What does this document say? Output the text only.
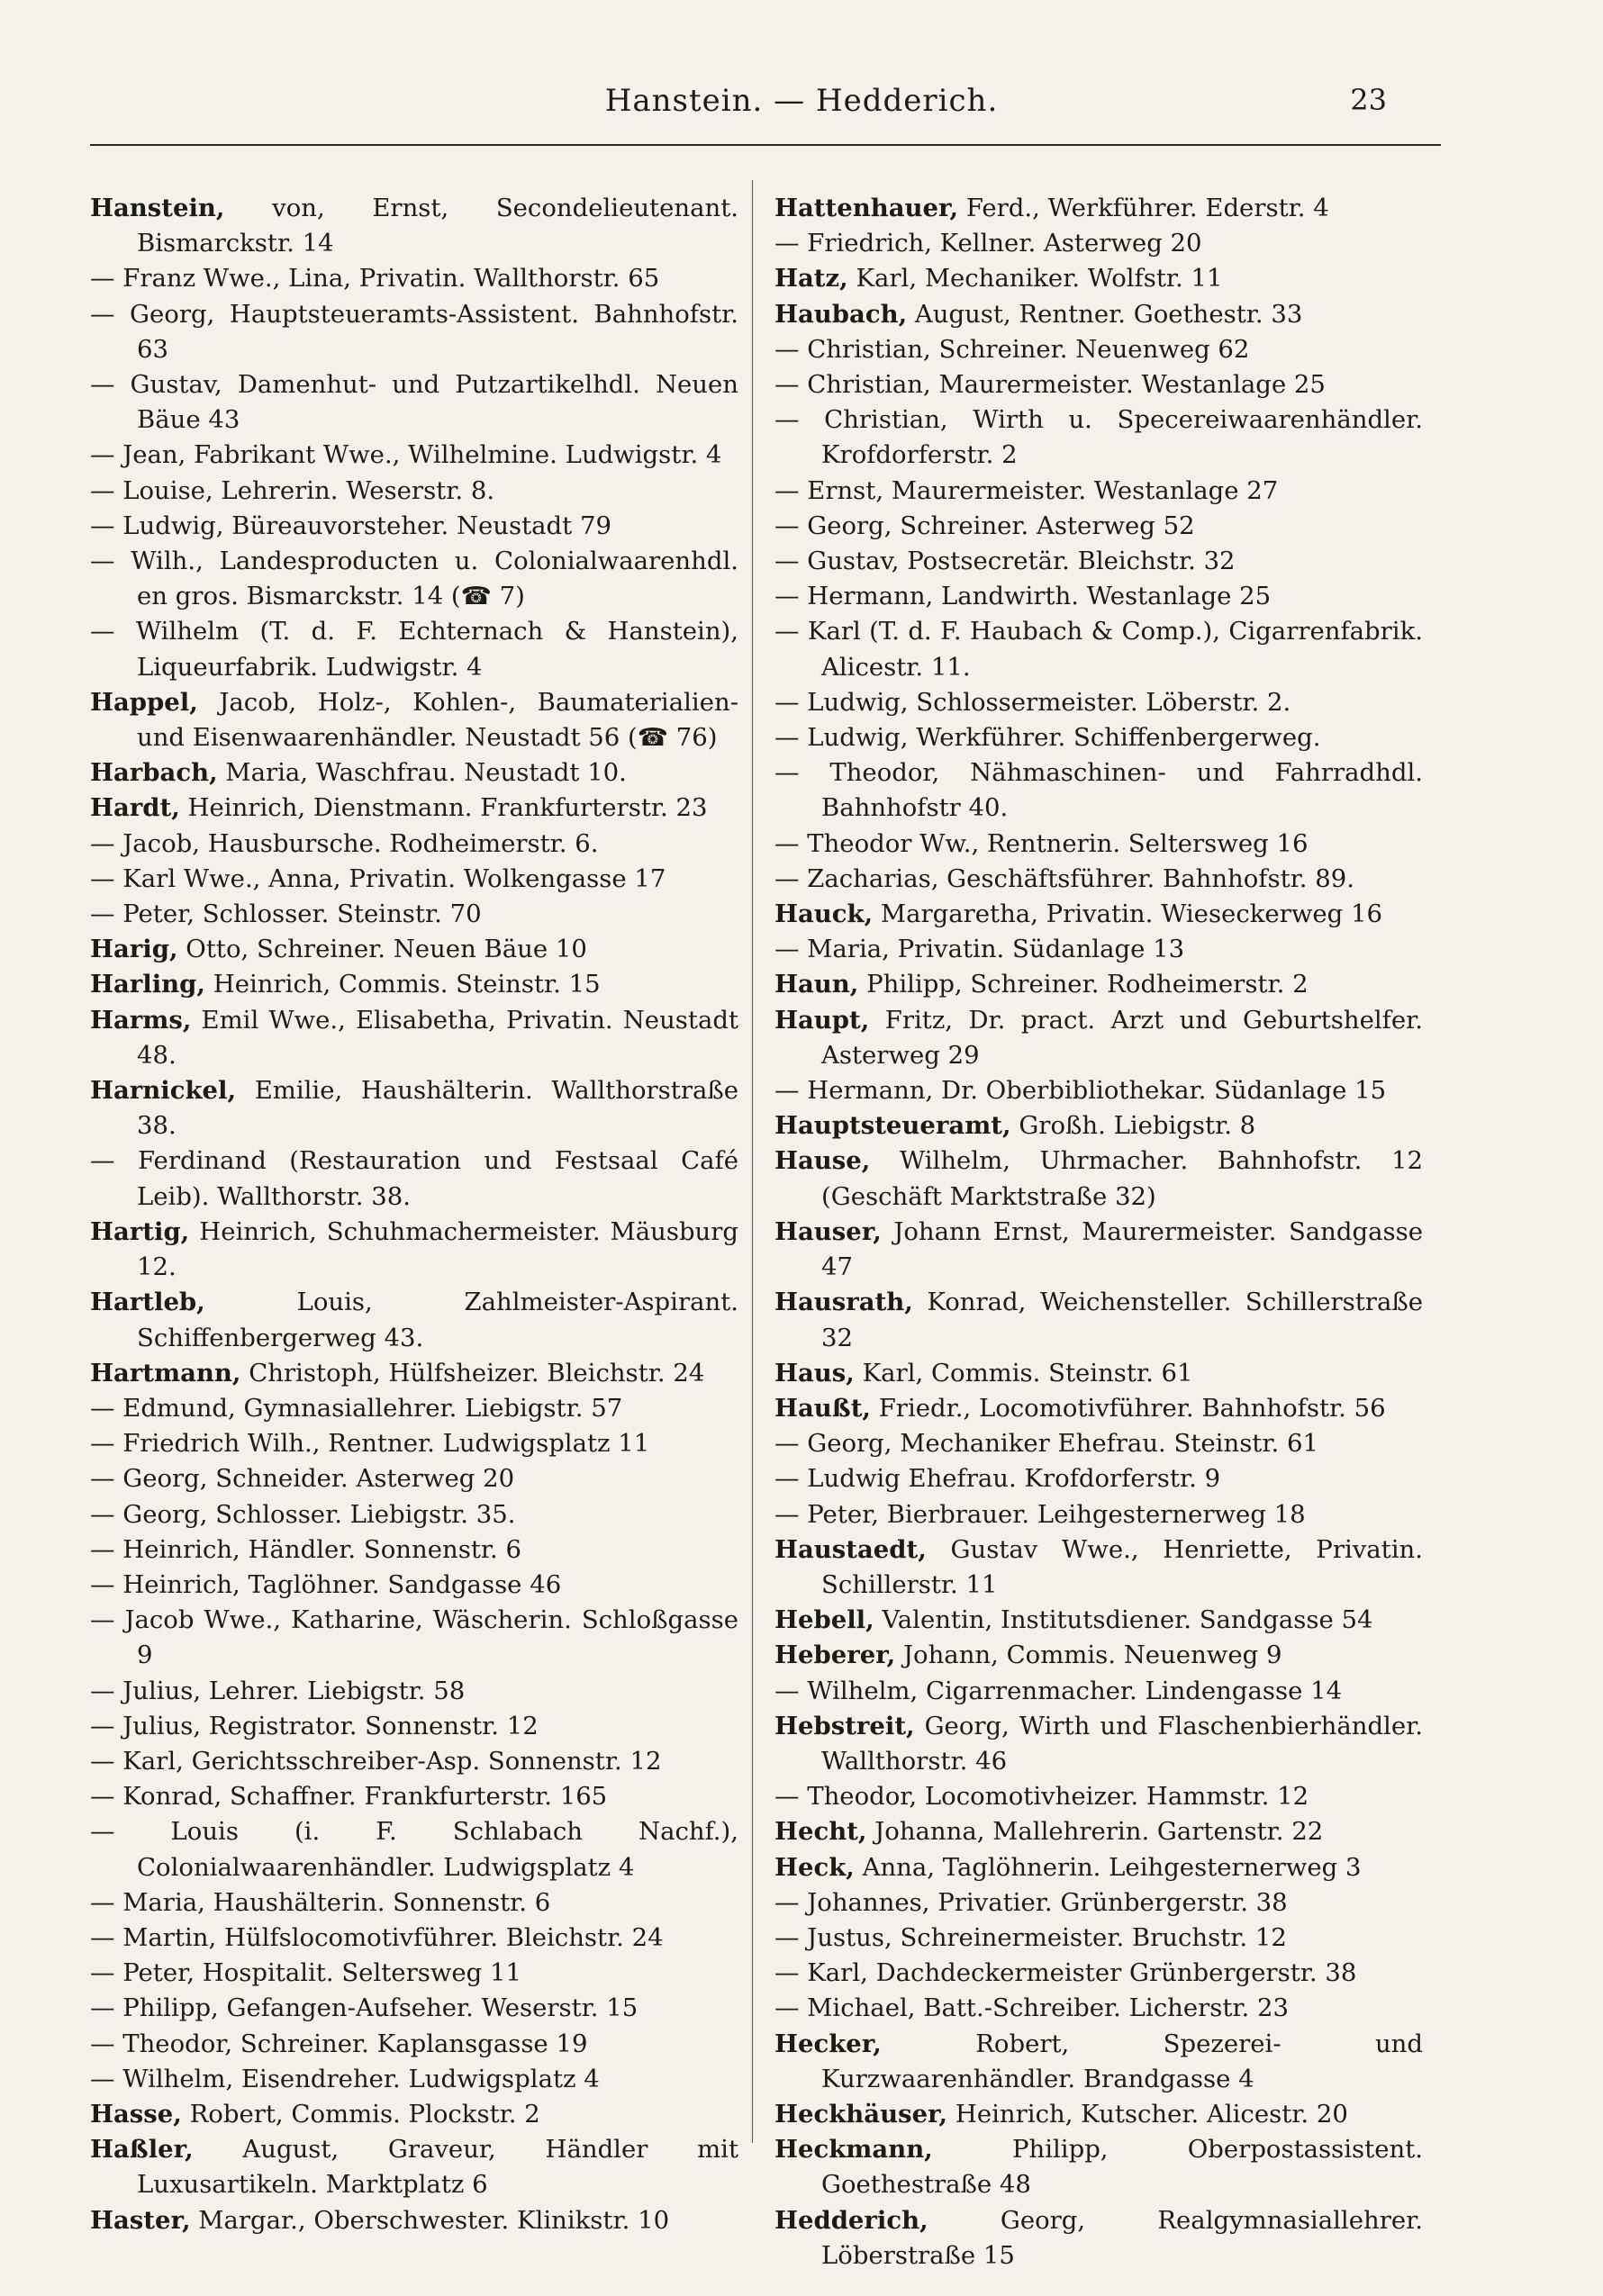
Hanstein. — Hedderich.	23
Hanstein, von, Ernst, Secondelieutenant. Bismarckstr. 14
— Franz Wwe., Lina, Privatin. Wallthorstr. 65
— Georg, Hauptsteueramts-Assistent. Bahnhofstr. 63
— Gustav, Damenhut- und Putzartikelhdl. Neuen Bäue 43
— Jean, Fabrikant Wwe., Wilhelmine. Ludwigstr. 4
— Louise, Lehrerin. Weserstr. 8.
— Ludwig, Büreauvorsteher. Neustadt 79
— Wilh., Landesproducten u. Colonialwaarenhdl. en gros. Bismarckstr. 14 (☎ 7)
— Wilhelm (T. d. F. Echternach & Hanstein), Liqueurfabrik. Ludwigstr. 4
Happel, Jacob, Holz-, Kohlen-, Baumaterialien- und Eisenwaarenhändler. Neustadt 56 (☎ 76)
Harbach, Maria, Waschfrau. Neustadt 10.
Hardt, Heinrich, Dienstmann. Frankfurterstr. 23
— Jacob, Hausbursche. Rodheimerstr. 6.
— Karl Wwe., Anna, Privatin. Wolkengasse 17
— Peter, Schlosser. Steinstr. 70
Harig, Otto, Schreiner. Neuen Bäue 10
Harling, Heinrich, Commis. Steinstr. 15
Harms, Emil Wwe., Elisabetha, Privatin. Neustadt 48.
Harnickel, Emilie, Haushälterin. Wallthorstraße 38.
— Ferdinand (Restauration und Festsaal Café Leib). Wallthorstr. 38.
Hartig, Heinrich, Schuhmachermeister. Mäusburg 12.
Hartleb,	Louis, Zahlmeister-Aspirant. Schiffenbergerweg 43.
Hartmann, Christoph, Hülfsheizer. Bleichstr. 24
— Edmund, Gymnasiallehrer. Liebigstr. 57
— Friedrich Wilh., Rentner. Ludwigsplatz 11
— Georg, Schneider. Asterweg 20
— Georg, Schlosser. Liebigstr. 35.
— Heinrich, Händler. Sonnenstr. 6
— Heinrich, Taglöhner. Sandgasse 46
— Jacob Wwe., Katharine, Wäscherin. Schloßgasse 9
— Julius, Lehrer. Liebigstr. 58
— Julius, Registrator. Sonnenstr. 12
— Karl, Gerichtsschreiber-Asp. Sonnenstr. 12
— Konrad, Schaffner. Frankfurterstr. 165
— Louis (i. F. Schlabach Nachf.), Colonialwaarenhändler. Ludwigsplatz 4
— Maria, Haushälterin. Sonnenstr. 6
— Martin, Hülfslocomotivführer. Bleichstr. 24
— Peter, Hospitalit. Seltersweg 11
— Philipp, Gefangen-Aufseher. Weserstr. 15
— Theodor, Schreiner. Kaplansgasse 19
— Wilhelm, Eisendreher. Ludwigsplatz 4
Hasse, Robert, Commis. Plockstr. 2
Haßler, August, Graveur, Händler mit Luxusartikeln. Marktplatz 6
Haster, Margar., Oberschwester. Klinikstr. 10
Hattenhauer, Ferd., Werkführer. Ederstr. 4
— Friedrich, Kellner. Asterweg 20
Hatz, Karl, Mechaniker. Wolfstr. 11
Haubach, August, Rentner. Goethestr. 33
— Christian, Schreiner. Neuenweg 62
— Christian, Maurermeister. Westanlage 25
— Christian, Wirth u. Specereiwaarenhändler. Krofdorferstr. 2
— Ernst, Maurermeister. Westanlage 27
— Georg, Schreiner. Asterweg 52
— Gustav, Postsecretär. Bleichstr. 32
— Hermann, Landwirth. Westanlage 25
— Karl (T. d. F. Haubach & Comp.), Cigarrenfabrik. Alicestr. 11.
— Ludwig, Schlossermeister. Löberstr. 2.
— Ludwig, Werkführer. Schiffenbergerweg.
— Theodor, Nähmaschinen- und Fahrradhdl. Bahnhofstr 40.
— Theodor Ww., Rentnerin. Seltersweg 16
— Zacharias, Geschäftsführer. Bahnhofstr. 89.
Hauck, Margaretha, Privatin. Wieseckerweg 16
— Maria, Privatin. Südanlage 13
Haun, Philipp, Schreiner. Rodheimerstr. 2
Haupt, Fritz, Dr. pract. Arzt und Geburtshelfer. Asterweg 29
— Hermann, Dr. Oberbibliothekar. Südanlage 15
Hauptsteueramt, Großh. Liebigstr. 8
Hause, Wilhelm, Uhrmacher. Bahnhofstr. 12 (Geschäft Marktstraße 32)
Hauser, Johann Ernst, Maurermeister. Sandgasse 47
Hausrath, Konrad, Weichensteller. Schillerstraße 32
Haus, Karl, Commis. Steinstr. 61
Haußt, Friedr., Locomotivführer. Bahnhofstr. 56
— Georg, Mechaniker Ehefrau. Steinstr. 61
— Ludwig Ehefrau. Krofdorferstr. 9
— Peter, Bierbrauer. Leihgesternerweg 18
Haustaedt, Gustav Wwe., Henriette, Privatin. Schillerstr. 11
Hebell, Valentin, Institutsdiener. Sandgasse 54
Heberer, Johann, Commis. Neuenweg 9
— Wilhelm, Cigarrenmacher. Lindengasse 14
Hebstreit, Georg, Wirth und Flaschenbierhändler. Wallthorstr. 46
— Theodor, Locomotivheizer. Hammstr. 12
Hecht, Johanna, Mallehrerin. Gartenstr. 22
Heck, Anna, Taglöhnerin. Leihgesternerweg 3
— Johannes, Privatier. Grünbergerstr. 38
— Justus, Schreinermeister. Bruchstr. 12
— Karl, Dachdeckermeister Grünbergerstr. 38
— Michael, Batt.-Schreiber. Licherstr. 23
Hecker,	Robert, Spezerei- und Kurzwaarenhändler. Brandgasse 4
Heckhäuser, Heinrich, Kutscher. Alicestr. 20
Heckmann,	Philipp, Oberpostassistent. Goethestraße 48
Hedderich,	Georg, Realgymnasiallehrer. Löberstraße 15
